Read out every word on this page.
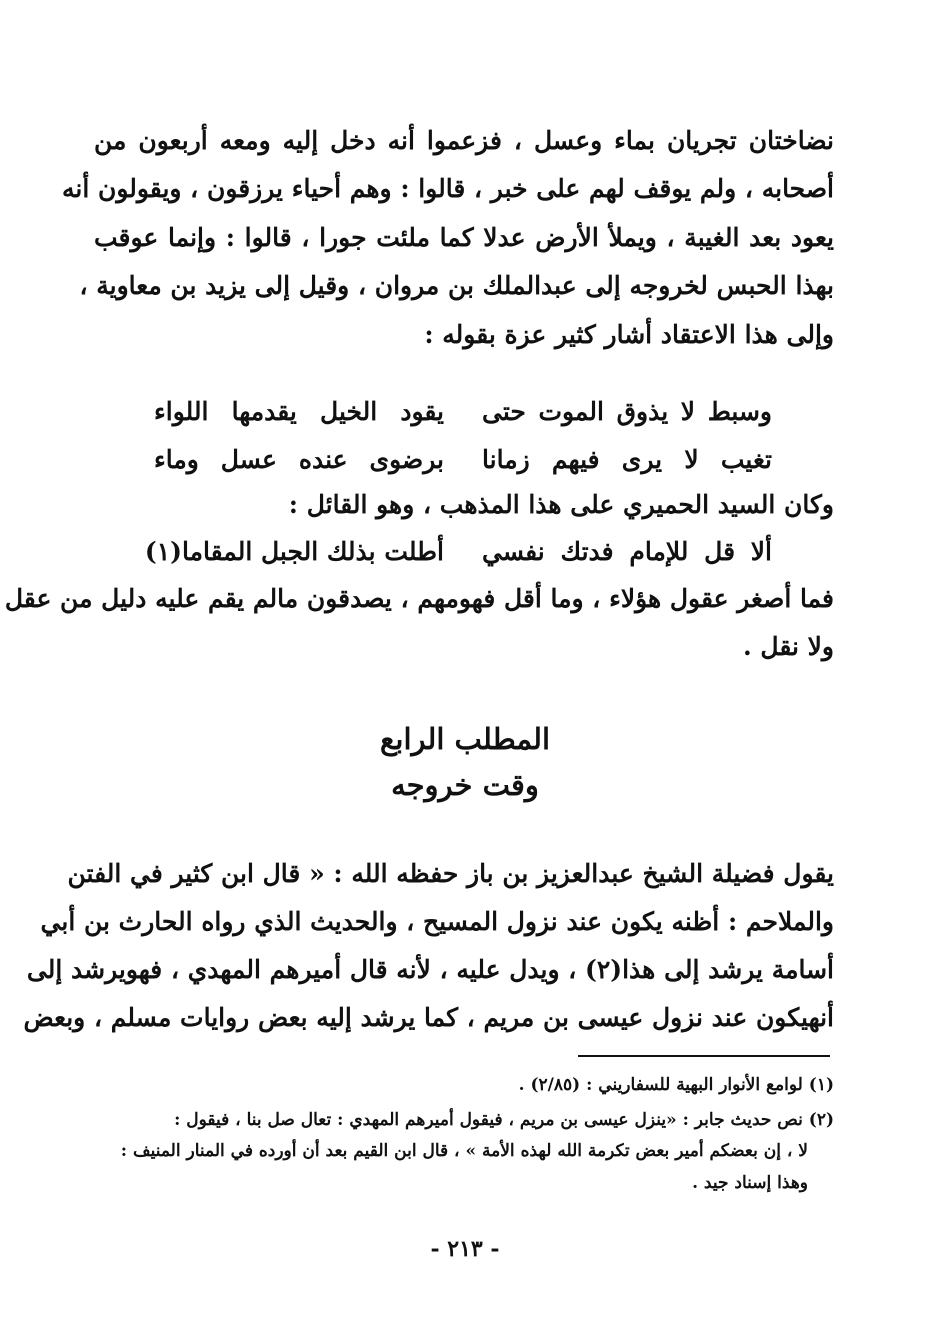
نضاختان تجريان بماء وعسل ، فزعموا أنه دخل إليه ومعه أربعون من

أصحابه ، ولم يوقف لهم على خبر ، قالوا : وهم أحياء يرزقون ، ويقولون أنه

يعود بعد الغيبة ، ويملأ الأرض عدلا كما ملئت جورا ، قالوا : وإنما عوقب

بهذا الحبس لخروجه إلى عبدالملك بن مروان ، وقيل إلى يزيد بن معاوية ،

وإلى هذا الاعتقاد أشار كثير عزة بقوله :

وسبط لا يذوق الموت حتى
يقود الخيل يقدمها اللواء
تغيب لا يرى فيهم زمانا
برضوى عنده عسل وماء

وكان السيد الحميري على هذا المذهب ، وهو القائل :

ألا قل للإمام فدتك نفسي
أطلت بذلك الجبل المقاما(١)

فما أصغر عقول هؤلاء ، وما أقل فهومهم ، يصدقون مالم يقم عليه دليل من عقل

ولا نقل .

المطلب الرابع
وقت خروجه

يقول فضيلة الشيخ عبدالعزيز بن باز حفظه الله : « قال ابن كثير في الفتن

والملاحم : أظنه يكون عند نزول المسيح ، والحديث الذي رواه الحارث بن أبي

أسامة يرشد إلى هذا(٢) ، ويدل عليه ، لأنه قال أميرهم المهدي ، فهويرشد إلى

أنهيكون عند نزول عيسى بن مريم ، كما يرشد إليه بعض روايات مسلم ، وبعض

(١) لوامع الأنوار البهية للسفاريني : (٢/٨٥) .

(٢) نص حديث جابر : «ينزل عيسى بن مريم ، فيقول أميرهم المهدي : تعال صل بنا ، فيقول :

لا ، إن بعضكم أمير بعض تكرمة الله لهذه الأمة » ، قال ابن القيم بعد أن أورده في المنار المنيف :

وهذا إسناد جيد .

- ٢١٣ -
